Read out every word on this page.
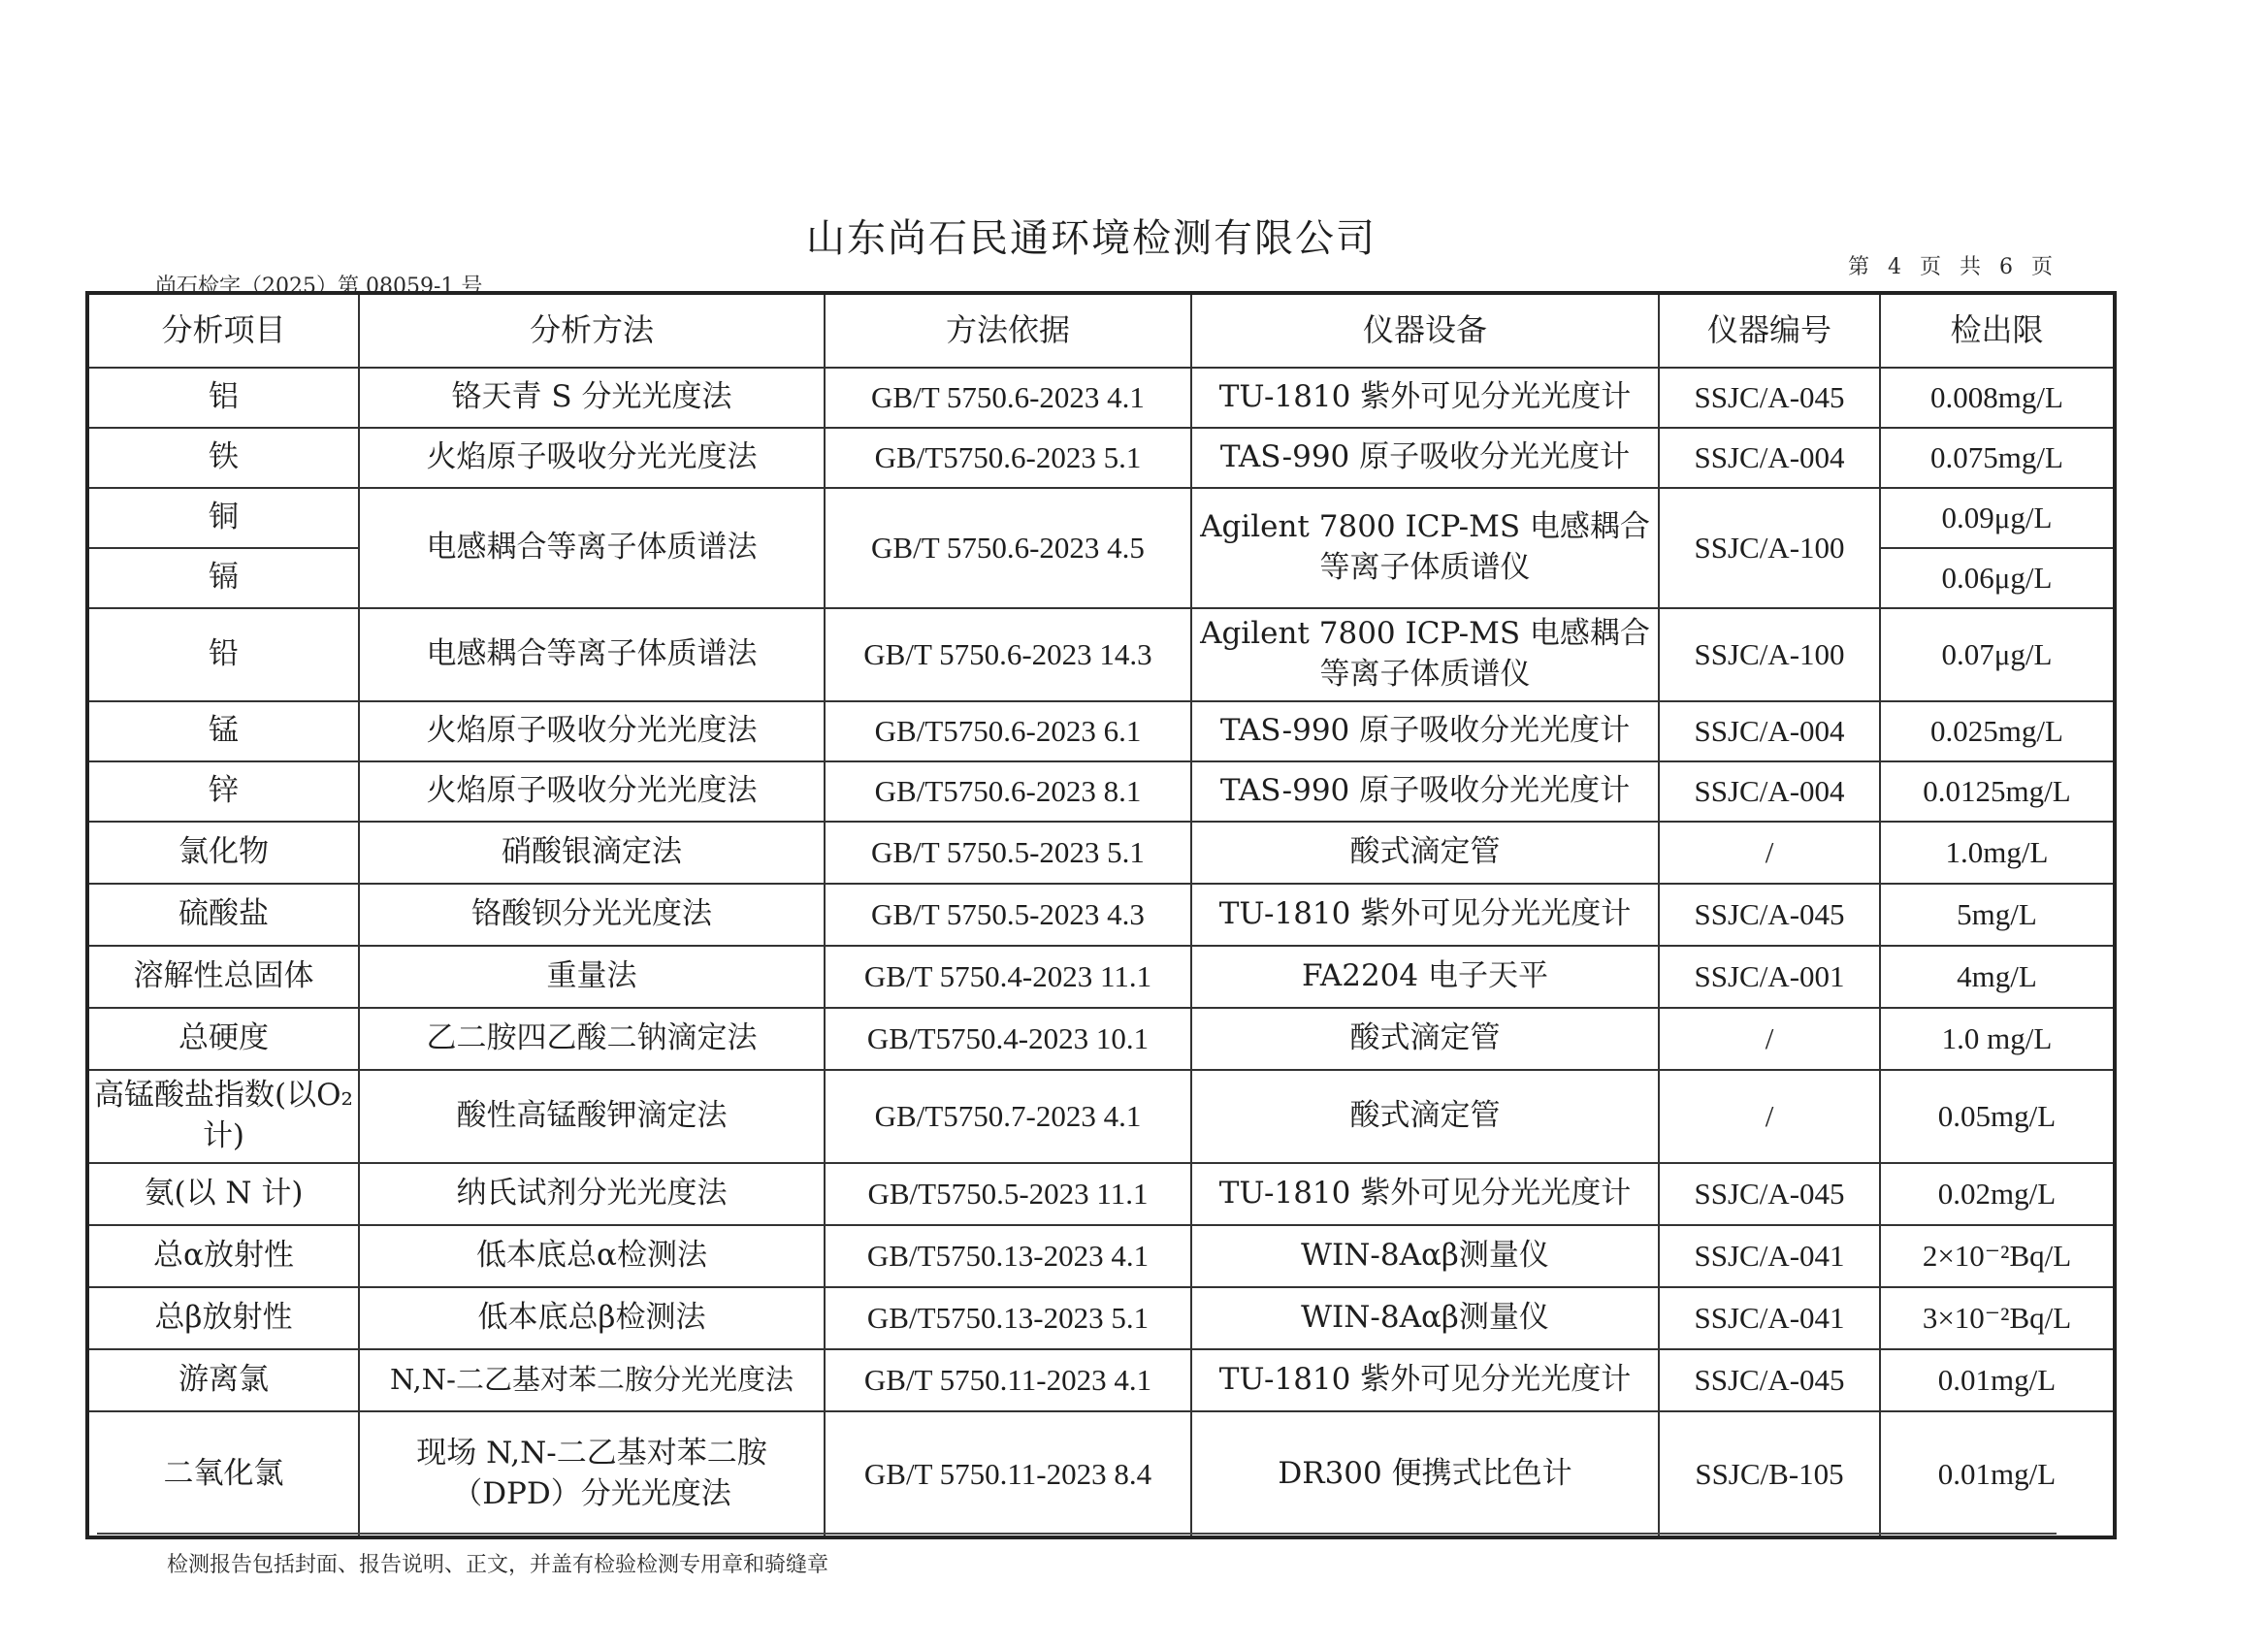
山东尚石民通环境检测有限公司
尚石检字（2025）第 08059-1 号
第 4 页 共 6 页
分析项目	分析方法	方法依据	仪器设备	仪器编号	检出限
铝	铬天青 S 分光光度法	GB/T 5750.6-2023 4.1	TU-1810 紫外可见分光光度计	SSJC/A-045	0.008mg/L
铁	火焰原子吸收分光光度法	GB/T5750.6-2023 5.1	TAS-990 原子吸收分光光度计	SSJC/A-004	0.075mg/L
铜	电感耦合等离子体质谱法	GB/T 5750.6-2023 4.5	Agilent 7800 ICP-MS 电感耦合等离子体质谱仪	SSJC/A-100	0.09μg/L
镉					0.06μg/L
铅	电感耦合等离子体质谱法	GB/T 5750.6-2023 14.3	Agilent 7800 ICP-MS 电感耦合等离子体质谱仪	SSJC/A-100	0.07μg/L
锰	火焰原子吸收分光光度法	GB/T5750.6-2023 6.1	TAS-990 原子吸收分光光度计	SSJC/A-004	0.025mg/L
锌	火焰原子吸收分光光度法	GB/T5750.6-2023 8.1	TAS-990 原子吸收分光光度计	SSJC/A-004	0.0125mg/L
氯化物	硝酸银滴定法	GB/T 5750.5-2023 5.1	酸式滴定管	/	1.0mg/L
硫酸盐	铬酸钡分光光度法	GB/T 5750.5-2023 4.3	TU-1810 紫外可见分光光度计	SSJC/A-045	5mg/L
溶解性总固体	重量法	GB/T 5750.4-2023 11.1	FA2204 电子天平	SSJC/A-001	4mg/L
总硬度	乙二胺四乙酸二钠滴定法	GB/T5750.4-2023 10.1	酸式滴定管	/	1.0 mg/L
高锰酸盐指数(以O₂计)	酸性高锰酸钾滴定法	GB/T5750.7-2023 4.1	酸式滴定管	/	0.05mg/L
氨(以 N 计)	纳氏试剂分光光度法	GB/T5750.5-2023 11.1	TU-1810 紫外可见分光光度计	SSJC/A-045	0.02mg/L
总α放射性	低本底总α检测法	GB/T5750.13-2023 4.1	WIN-8Aαβ测量仪	SSJC/A-041	2×10⁻²Bq/L
总β放射性	低本底总β检测法	GB/T5750.13-2023 5.1	WIN-8Aαβ测量仪	SSJC/A-041	3×10⁻²Bq/L
游离氯	N,N-二乙基对苯二胺分光光度法	GB/T 5750.11-2023 4.1	TU-1810 紫外可见分光光度计	SSJC/A-045	0.01mg/L
二氧化氯	现场 N,N-二乙基对苯二胺（DPD）分光光度法	GB/T 5750.11-2023 8.4	DR300 便携式比色计	SSJC/B-105	0.01mg/L
检测报告包括封面、报告说明、正文，并盖有检验检测专用章和骑缝章
